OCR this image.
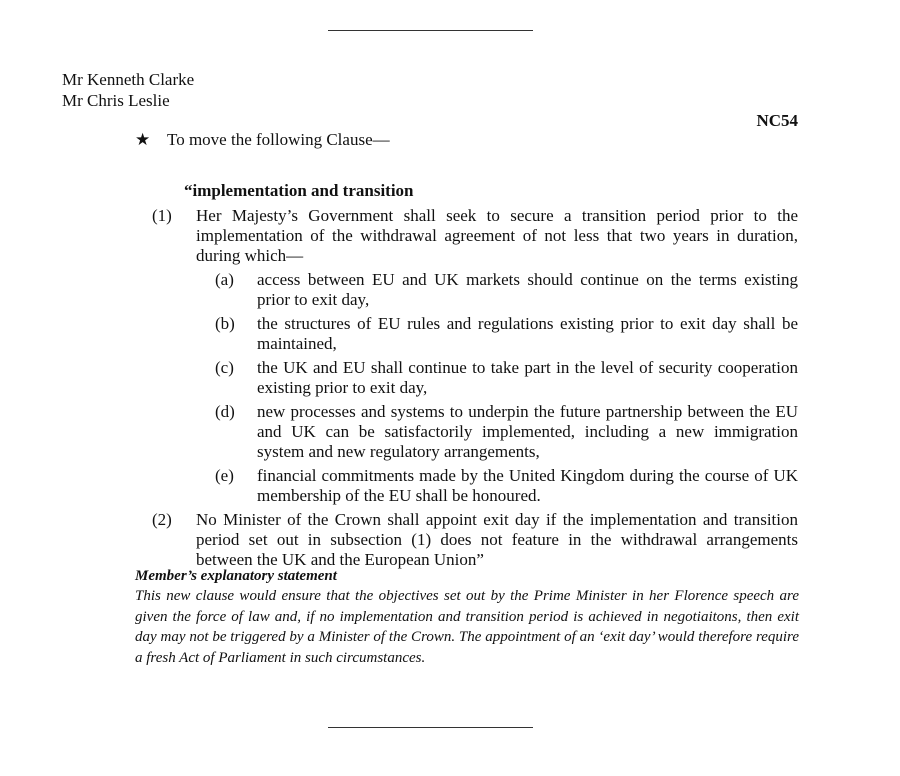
Mr Kenneth Clarke
Mr Chris Leslie
NC54
★ To move the following Clause—
“implementation and transition
(1) Her Majesty’s Government shall seek to secure a transition period prior to the implementation of the withdrawal agreement of not less that two years in duration, during which—
(a) access between EU and UK markets should continue on the terms existing prior to exit day,
(b) the structures of EU rules and regulations existing prior to exit day shall be maintained,
(c) the UK and EU shall continue to take part in the level of security cooperation existing prior to exit day,
(d) new processes and systems to underpin the future partnership between the EU and UK can be satisfactorily implemented, including a new immigration system and new regulatory arrangements,
(e) financial commitments made by the United Kingdom during the course of UK membership of the EU shall be honoured.
(2) No Minister of the Crown shall appoint exit day if the implementation and transition period set out in subsection (1) does not feature in the withdrawal arrangements between the UK and the European Union”
Member’s explanatory statement
This new clause would ensure that the objectives set out by the Prime Minister in her Florence speech are given the force of law and, if no implementation and transition period is achieved in negotiaitons, then exit day may not be triggered by a Minister of the Crown. The appointment of an ‘exit day’ would therefore require a fresh Act of Parliament in such circumstances.
